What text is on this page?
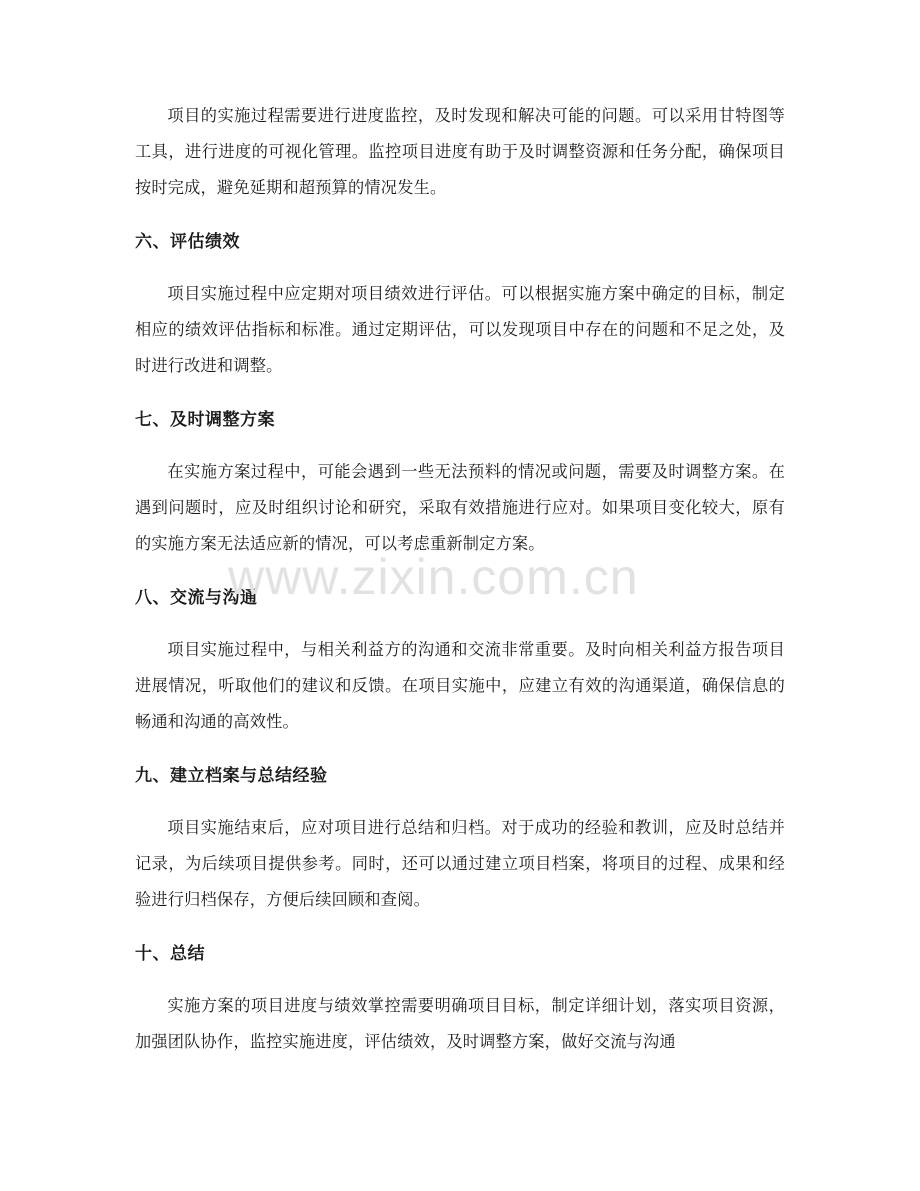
项目的实施过程需要进行进度监控，及时发现和解决可能的问题。可以采用甘特图等工具，进行进度的可视化管理。监控项目进度有助于及时调整资源和任务分配，确保项目按时完成，避免延期和超预算的情况发生。

六、评估绩效

项目实施过程中应定期对项目绩效进行评估。可以根据实施方案中确定的目标，制定相应的绩效评估指标和标准。通过定期评估，可以发现项目中存在的问题和不足之处，及时进行改进和调整。

七、及时调整方案

在实施方案过程中，可能会遇到一些无法预料的情况或问题，需要及时调整方案。在遇到问题时，应及时组织讨论和研究，采取有效措施进行应对。如果项目变化较大，原有的实施方案无法适应新的情况，可以考虑重新制定方案。

八、交流与沟通

项目实施过程中，与相关利益方的沟通和交流非常重要。及时向相关利益方报告项目进展情况，听取他们的建议和反馈。在项目实施中，应建立有效的沟通渠道，确保信息的畅通和沟通的高效性。

九、建立档案与总结经验

项目实施结束后，应对项目进行总结和归档。对于成功的经验和教训，应及时总结并记录，为后续项目提供参考。同时，还可以通过建立项目档案，将项目的过程、成果和经验进行归档保存，方便后续回顾和查阅。

十、总结

实施方案的项目进度与绩效掌控需要明确项目目标，制定详细计划，落实项目资源，加强团队协作，监控实施进度，评估绩效，及时调整方案，做好交流与沟通

www.zixin.com.cn
